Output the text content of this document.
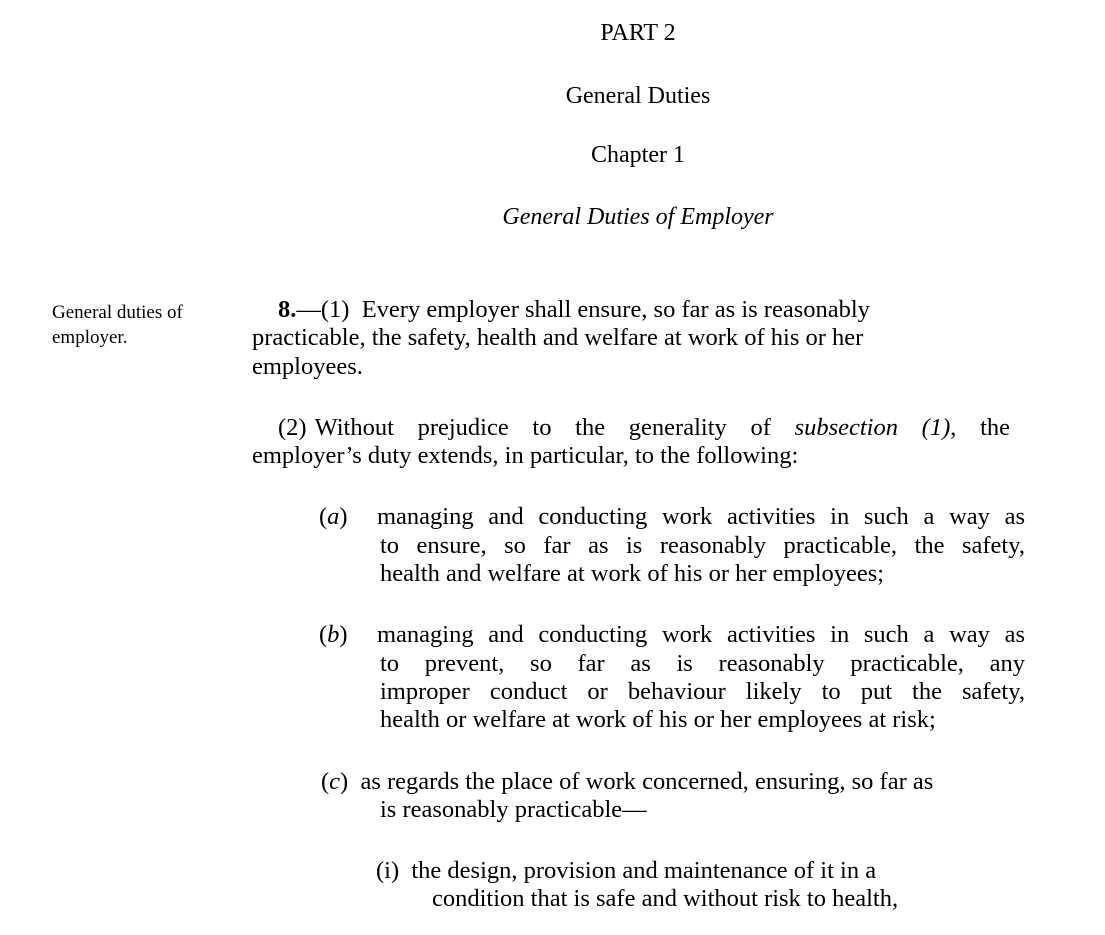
PART 2
General Duties
Chapter 1
General Duties of Employer
General duties of
employer.
8.—(1) Every employer shall ensure, so far as is reasonably
practicable, the safety, health and welfare at work of his or her
employees.
(2) Without prejudice to the generality of subsection (1), the
employer’s duty extends, in particular, to the following:
(a) managing and conducting work activities in such a way as
to ensure, so far as is reasonably practicable, the safety,
health and welfare at work of his or her employees;
(b) managing and conducting work activities in such a way as
to prevent, so far as is reasonably practicable, any
improper conduct or behaviour likely to put the safety,
health or welfare at work of his or her employees at risk;
(c) as regards the place of work concerned, ensuring, so far as
is reasonably practicable—
(i) the design, provision and maintenance of it in a
condition that is safe and without risk to health,
